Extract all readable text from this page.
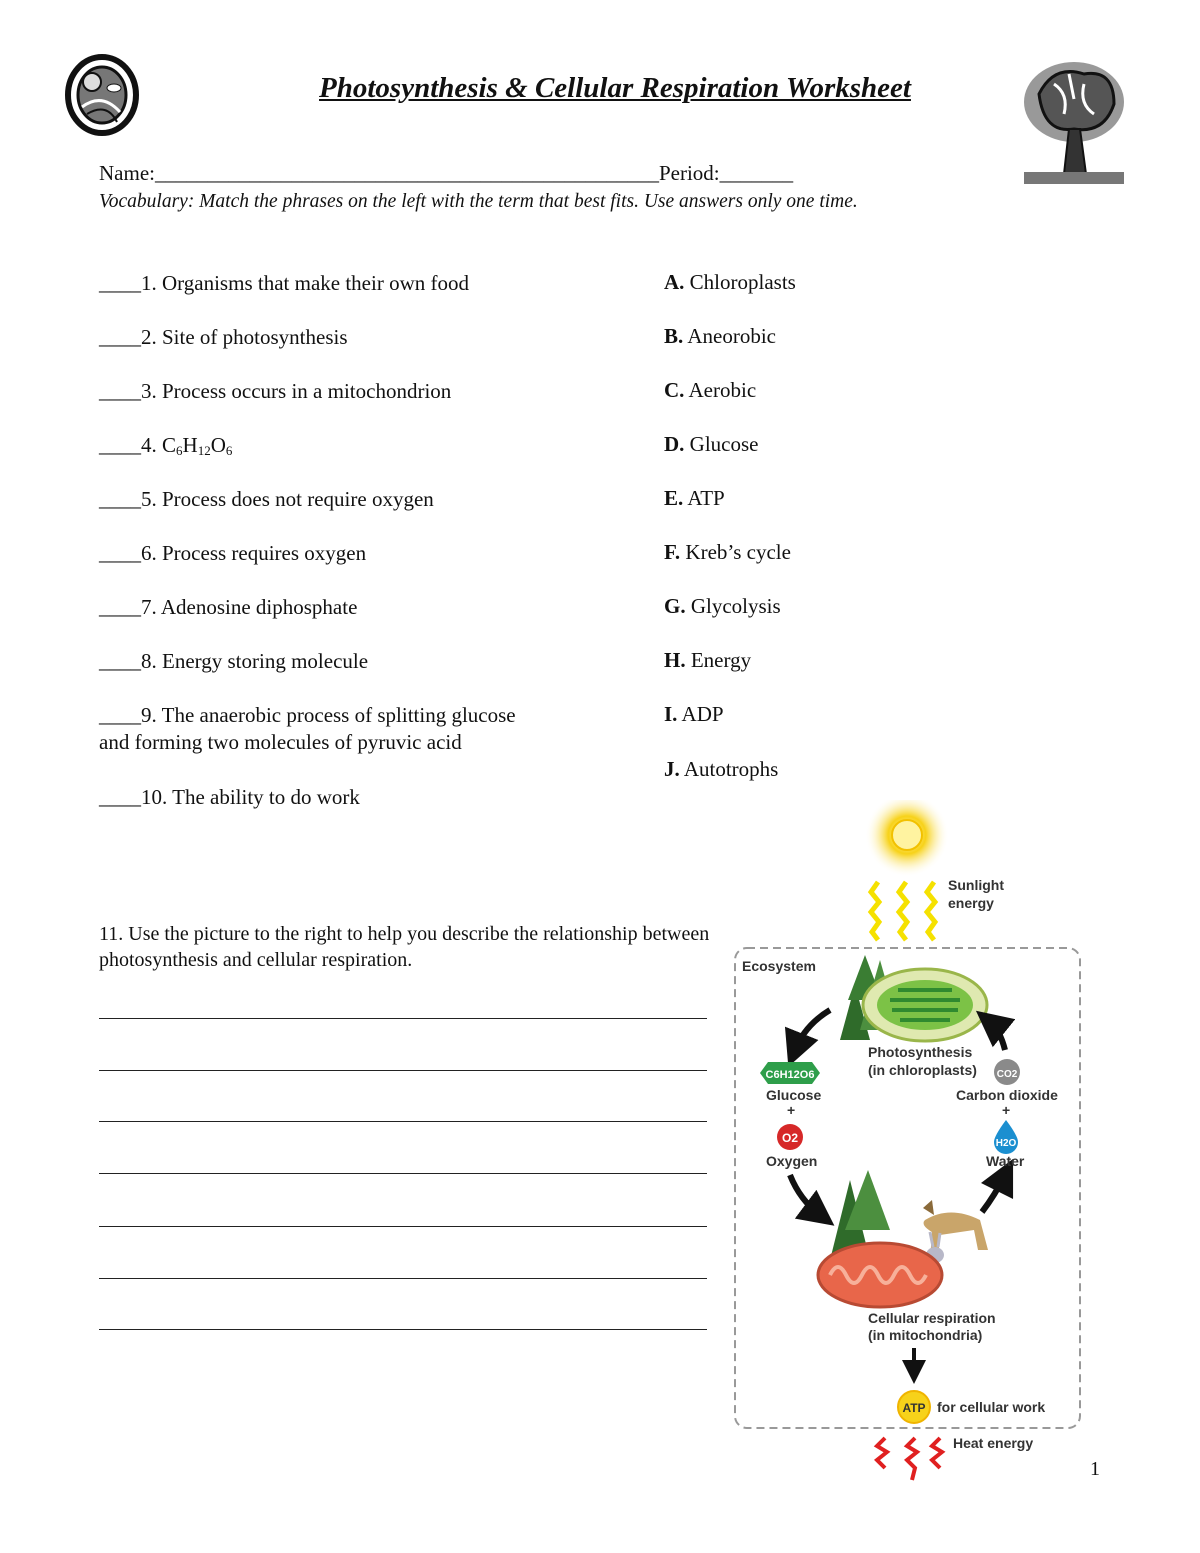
Photosynthesis & Cellular Respiration Worksheet
Name:________________________________________________Period:_______
Vocabulary: Match the phrases on the left with the term that best fits. Use answers only one time.
____1. Organisms that make their own food
____2. Site of photosynthesis
____3. Process occurs in a mitochondrion
____4. $C_6H_{12}O_6$
____5. Process does not require oxygen
____6. Process requires oxygen
____7. Adenosine diphosphate
____8. Energy storing molecule
____9. The anaerobic process of splitting glucose
and forming two molecules of pyruvic acid
____10. The ability to do work
A. Chloroplasts
B. Aneorobic
C. Aerobic
D. Glucose
E. ATP
F. Kreb’s cycle
G. Glycolysis
H. Energy
I. ADP
J. Autotrophs
11. Use the picture to the right to help you describe the relationship between photosynthesis and cellular respiration.
Sunlight
energy
Ecosystem
Photosynthesis
(in chloroplasts)
C6H12O6
Glucose
+
O2
Oxygen
CO2
Carbon dioxide
+
H2O
Water
Cellular respiration
(in mitochondria)
ATP for cellular work
Heat energy
1
